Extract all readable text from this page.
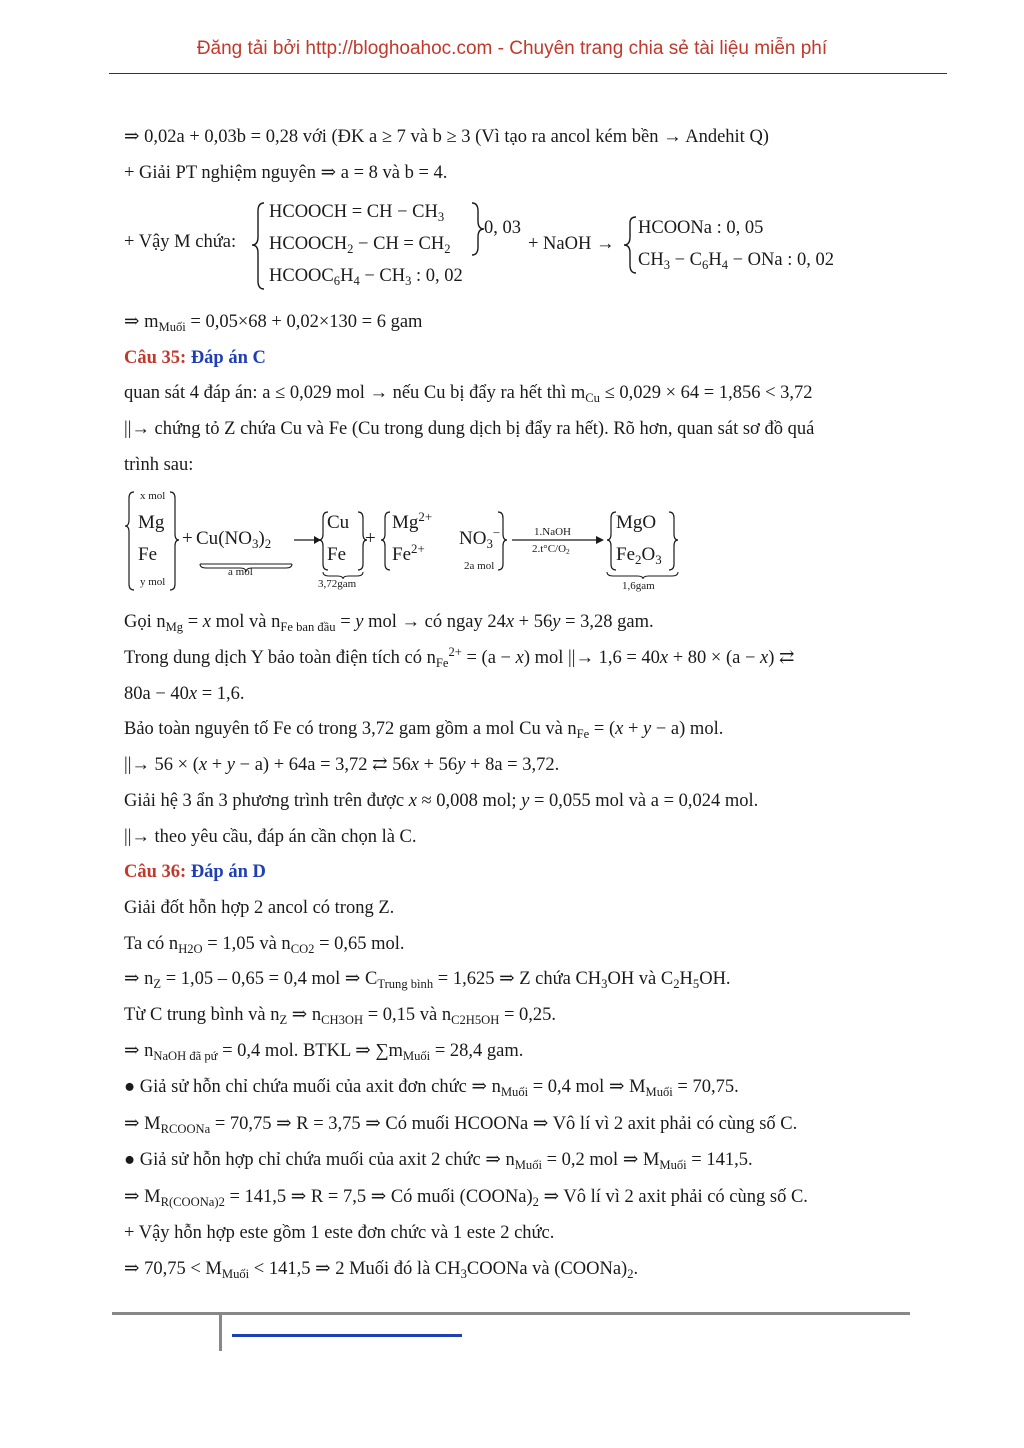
Đăng tải bởi http://bloghoahoc.com - Chuyên trang chia sẻ tài liệu miễn phí
⇒ 0,02a + 0,03b = 0,28 với (ĐK a ≥ 7 và b ≥ 3 (Vì tạo ra ancol kém bền → Andehit Q)
+ Giải PT nghiệm nguyên ⇒ a = 8 và b = 4.
+ Vậy M chứa:
HCOOCH = CH − $CH_3$
$HCOOCH_2$ − CH = $CH_2$
$HCOOC_6H_4 - CH_3$ : 0, 02
0, 03
+ NaOH →
HCOONa : 0, 05
$CH_3 - C_6H_4$ − ONa : 0, 02
⇒ $m_{Muối} = 0,05\times 68 + 0,02\times 130 = 6$ gam
Câu 35: Đáp án C
quan sát 4 đáp án: a ≤ 0,029 mol → nếu Cu bị đẩy ra hết thì $m_{Cu} \le 0,029 \times 64 = 1,856 < 3,72$
||→ chứng tỏ Z chứa Cu và Fe (Cu trong dung dịch bị đẩy ra hết). Rõ hơn, quan sát sơ đồ quá
trình sau:
x mol
Mg
Fe
y mol
+ $Cu(NO_3)_2$
a mol
Cu
Fe
3,72gam
+
$Mg^{2+}$
$Fe^{2+}$ $NO_3^-$
2a mol
1.NaOH
$2.t^\circ C/O_2$
MgO
$Fe_2O_3$
1,6gam
Gọi $n_{Mg} = x$ mol và $n_{Fe ban đầu} = y$ mol → có ngay 24x + 56y = 3,28 gam.
Trong dung dịch Y bảo toàn điện tích có $n_{Fe}^{2+} = (a - x)$ mol ||→ 1,6 = 40x + 80 × (a − x) ⇄
80a − 40x = 1,6.
Bảo toàn nguyên tố Fe có trong 3,72 gam gồm a mol Cu và $n_{Fe} = (x + y - a)$ mol.
||→ 56 × (x + y − a) + 64a = 3,72 ⇄ 56x + 56y + 8a = 3,72.
Giải hệ 3 ẩn 3 phương trình trên được x ≈ 0,008 mol; y = 0,055 mol và a = 0,024 mol.
||→ theo yêu cầu, đáp án cần chọn là C.
Câu 36: Đáp án D
Giải đốt hỗn hợp 2 ancol có trong Z.
Ta có $n_{H2O} = 1,05$ và $n_{CO2} = 0,65$ mol.
⇒ $n_Z = 1,05 - 0,65 = 0,4$ mol ⇒ $C_{Trung bình} = 1,625$ ⇒ Z chứa $CH_3OH$ và $C_2H_5OH$.
Từ C trung bình và $n_Z$ ⇒ $n_{CH3OH} = 0,15$ và $n_{C2H5OH} = 0,25$.
⇒ $n_{NaOH đã pứ} = 0,4$ mol. BTKL ⇒ $\sum m_{Muối} = 28,4$ gam.
● Giả sử hỗn chỉ chứa muối của axit đơn chức ⇒ $n_{Muối} = 0,4$ mol ⇒ $M_{Muối} = 70,75$.
⇒ $M_{RCOONa} = 70,75$ ⇒ R = 3,75 ⇒ Có muối HCOONa ⇒ Vô lí vì 2 axit phải có cùng số C.
● Giả sử hỗn hợp chỉ chứa muối của axit 2 chức ⇒ $n_{Muối} = 0,2$ mol ⇒ $M_{Muối} = 141,5$.
⇒ $M_{R(COONa)2} = 141,5$ ⇒ R = 7,5 ⇒ Có muối $(COONa)_2$ ⇒ Vô lí vì 2 axit phải có cùng số C.
+ Vậy hỗn hợp este gồm 1 este đơn chức và 1 este 2 chức.
⇒ $70,75 < M_{Muối} < 141,5$ ⇒ 2 Muối đó là $CH_3COONa$ và $(COONa)_2$.
